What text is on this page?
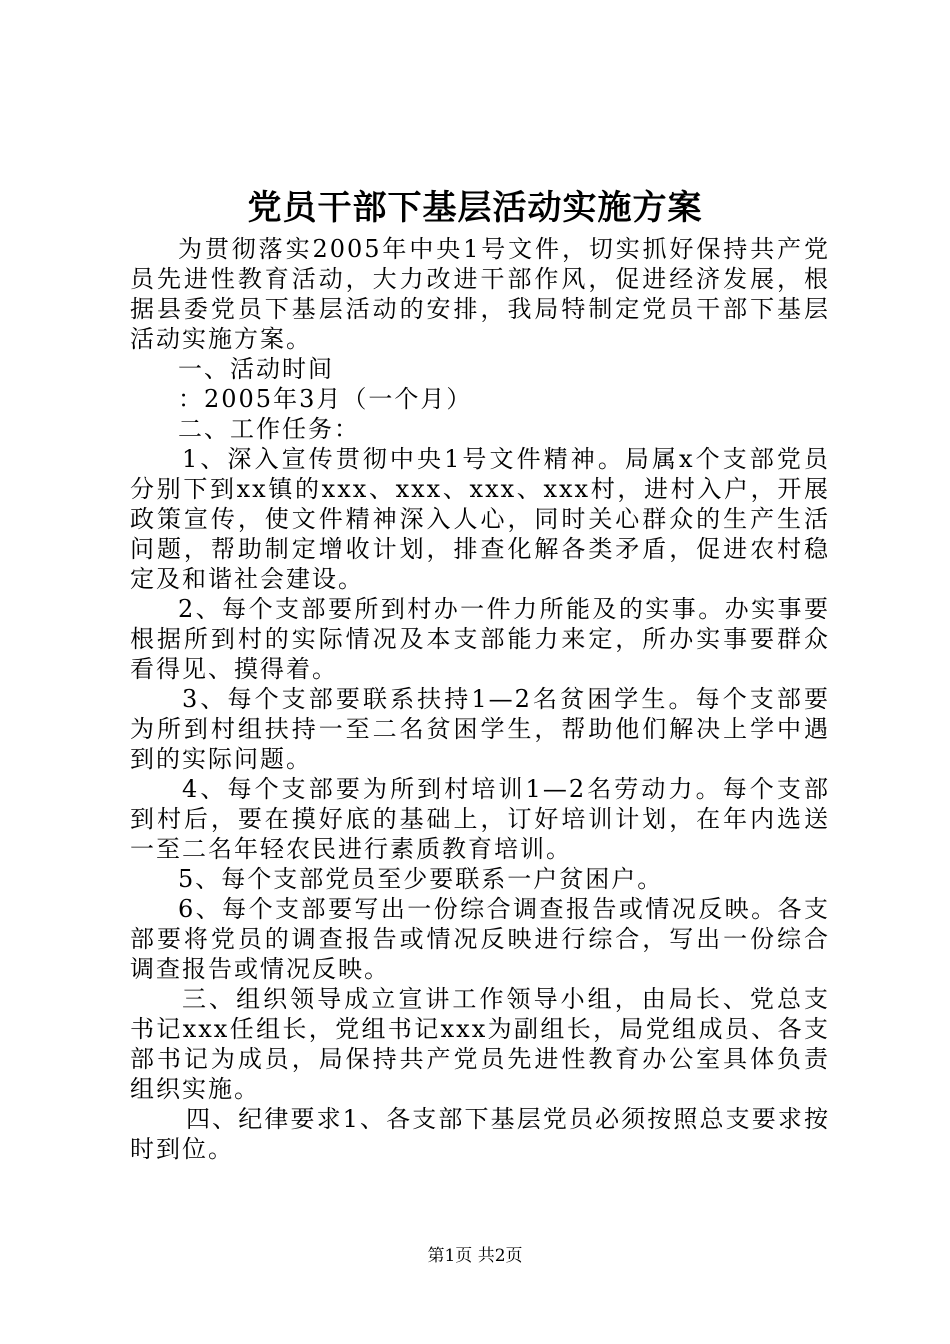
党员干部下基层活动实施方案

为贯彻落实2005年中央1号文件，切实抓好保持共产党员先进性教育活动，大力改进干部作风，促进经济发展，根据县委党员下基层活动的安排，我局特制定党员干部下基层活动实施方案。

一、活动时间

：2005年3月（一个月）

二、工作任务：

1、深入宣传贯彻中央1号文件精神。局属x个支部党员分别下到xx镇的xxx、xxx、xxx、xxx村，进村入户，开展政策宣传，使文件精神深入人心，同时关心群众的生产生活问题，帮助制定增收计划，排查化解各类矛盾，促进农村稳定及和谐社会建设。

2、每个支部要所到村办一件力所能及的实事。办实事要根据所到村的实际情况及本支部能力来定，所办实事要群众看得见、摸得着。

3、每个支部要联系扶持1—2名贫困学生。每个支部要为所到村组扶持一至二名贫困学生，帮助他们解决上学中遇到的实际问题。

4、每个支部要为所到村培训1—2名劳动力。每个支部到村后，要在摸好底的基础上，订好培训计划，在年内选送一至二名年轻农民进行素质教育培训。

5、每个支部党员至少要联系一户贫困户。

6、每个支部要写出一份综合调查报告或情况反映。各支部要将党员的调查报告或情况反映进行综合，写出一份综合调查报告或情况反映。

三、组织领导成立宣讲工作领导小组，由局长、党总支书记xxx任组长，党组书记xxx为副组长，局党组成员、各支部书记为成员，局保持共产党员先进性教育办公室具体负责组织实施。

四、纪律要求1、各支部下基层党员必须按照总支要求按时到位。

第1页 共2页
